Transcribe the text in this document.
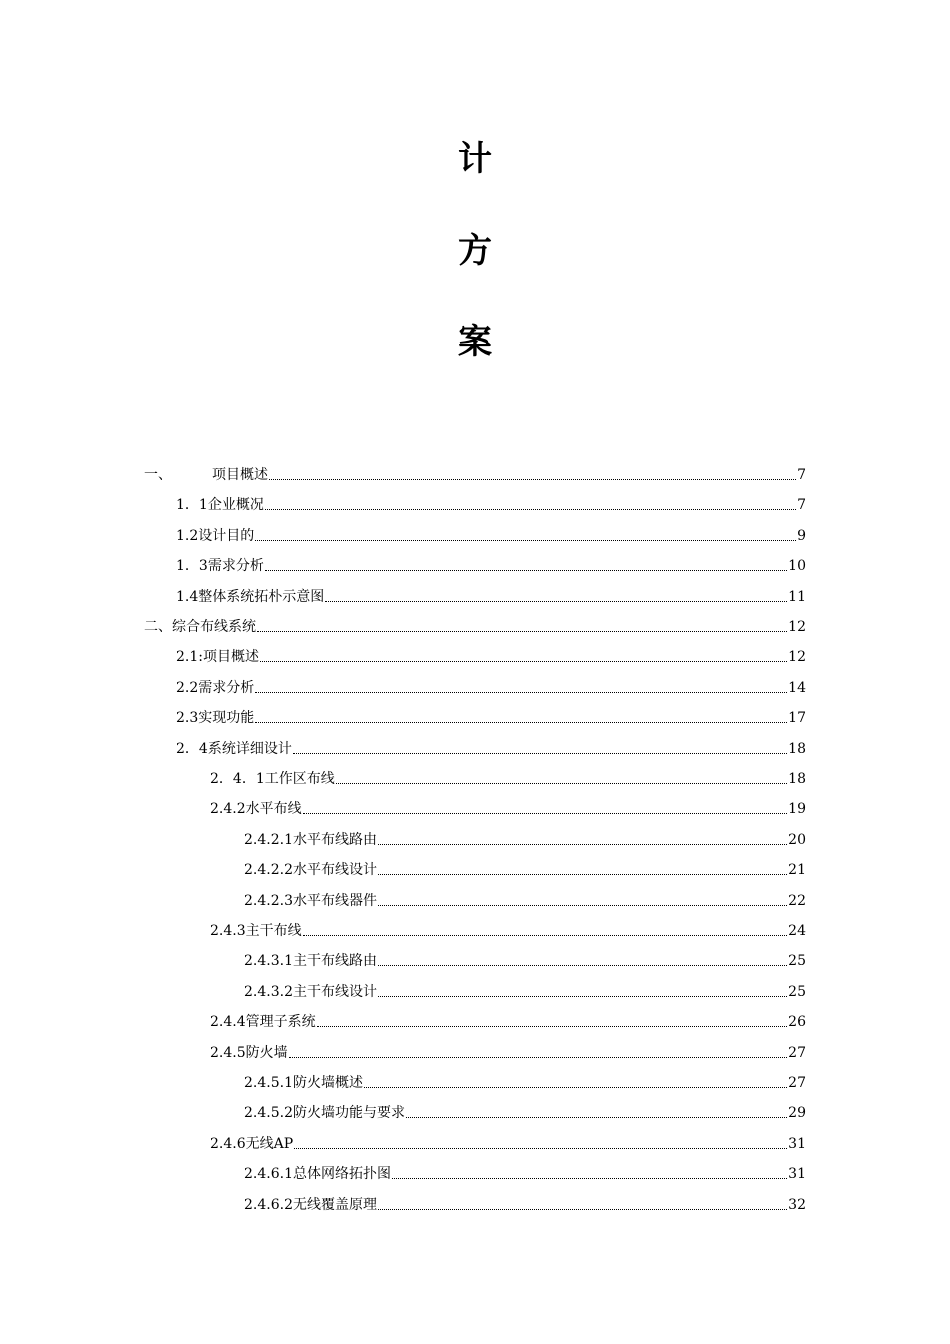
计
方
案
一、	项目概述	7
1．1企业概况	7
1.2设计目的	9
1．3需求分析	10
1.4整体系统拓朴示意图	11
二、综合布线系统	12
2.1:项目概述	12
2.2需求分析	14
2.3实现功能	17
2．4系统详细设计	18
2．4．1工作区布线	18
2.4.2水平布线	19
2.4.2.1水平布线路由	20
2.4.2.2水平布线设计	21
2.4.2.3水平布线器件	22
2.4.3主干布线	24
2.4.3.1主干布线路由	25
2.4.3.2主干布线设计	25
2.4.4管理子系统	26
2.4.5防火墙	27
2.4.5.1防火墙概述	27
2.4.5.2防火墙功能与要求	29
2.4.6无线AP	31
2.4.6.1总体网络拓扑图	31
2.4.6.2无线覆盖原理	32
